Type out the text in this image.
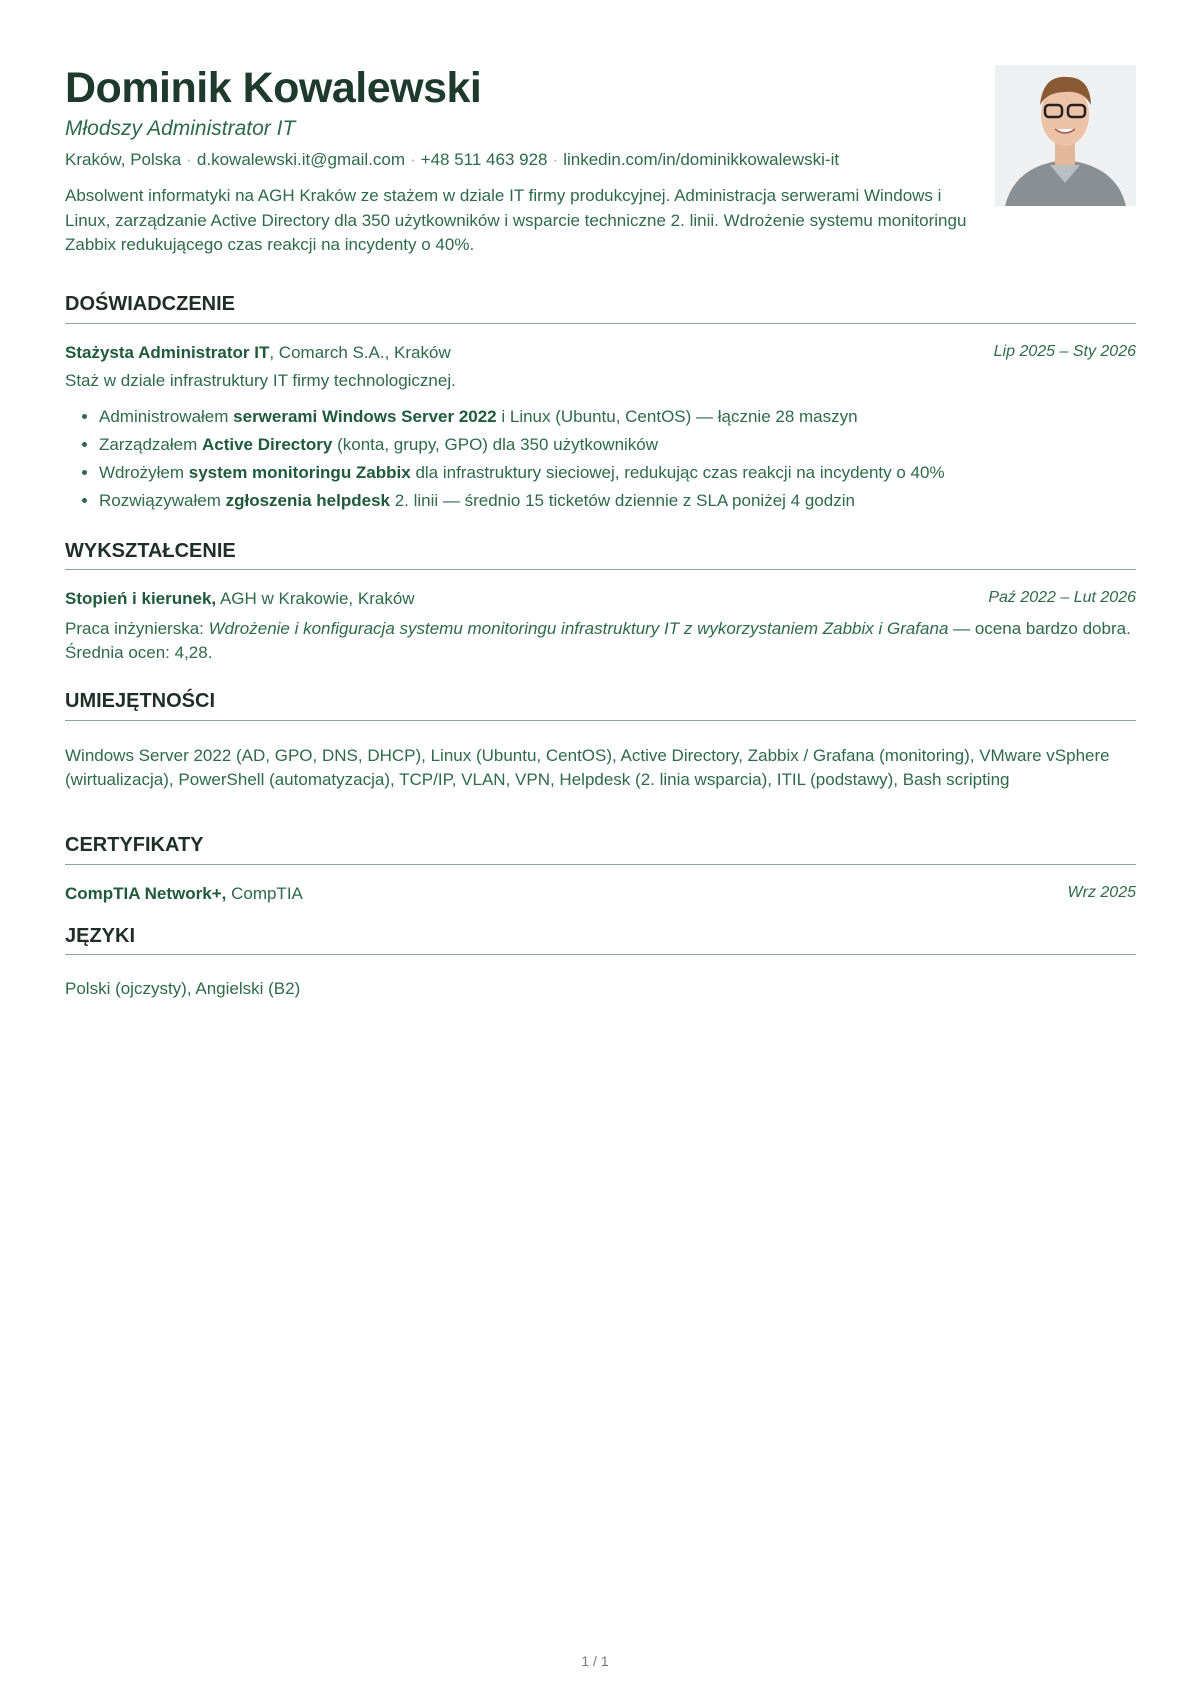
Dominik Kowalewski
Młodszy Administrator IT
Kraków, Polska · d.kowalewski.it@gmail.com · +48 511 463 928 · linkedin.com/in/dominikkowalewski-it
Absolwent informatyki na AGH Kraków ze stażem w dziale IT firmy produkcyjnej. Administracja serwerami Windows i Linux, zarządzanie Active Directory dla 350 użytkowników i wsparcie techniczne 2. linii. Wdrożenie systemu monitoringu Zabbix redukującego czas reakcji na incydenty o 40%.
DOŚWIADCZENIE
Stażysta Administrator IT, Comarch S.A., Kraków	Lip 2025 – Sty 2026
Staż w dziale infrastruktury IT firmy technologicznej.
• Administrowałem serwerami Windows Server 2022 i Linux (Ubuntu, CentOS) — łącznie 28 maszyn
• Zarządzałem Active Directory (konta, grupy, GPO) dla 350 użytkowników
• Wdrożyłem system monitoringu Zabbix dla infrastruktury sieciowej, redukując czas reakcji na incydenty o 40%
• Rozwiązywałem zgłoszenia helpdesk 2. linii — średnio 15 ticketów dziennie z SLA poniżej 4 godzin
WYKSZTAŁCENIE
Stopień i kierunek, AGH w Krakowie, Kraków	Paź 2022 – Lut 2026
Praca inżynierska: Wdrożenie i konfiguracja systemu monitoringu infrastruktury IT z wykorzystaniem Zabbix i Grafana — ocena bardzo dobra. Średnia ocen: 4,28.
UMIEJĘTNOŚCI
Windows Server 2022 (AD, GPO, DNS, DHCP), Linux (Ubuntu, CentOS), Active Directory, Zabbix / Grafana (monitoring), VMware vSphere (wirtualizacja), PowerShell (automatyzacja), TCP/IP, VLAN, VPN, Helpdesk (2. linia wsparcia), ITIL (podstawy), Bash scripting
CERTYFIKATY
CompTIA Network+, CompTIA	Wrz 2025
JĘZYKI
Polski (ojczysty), Angielski (B2)
1 / 1
